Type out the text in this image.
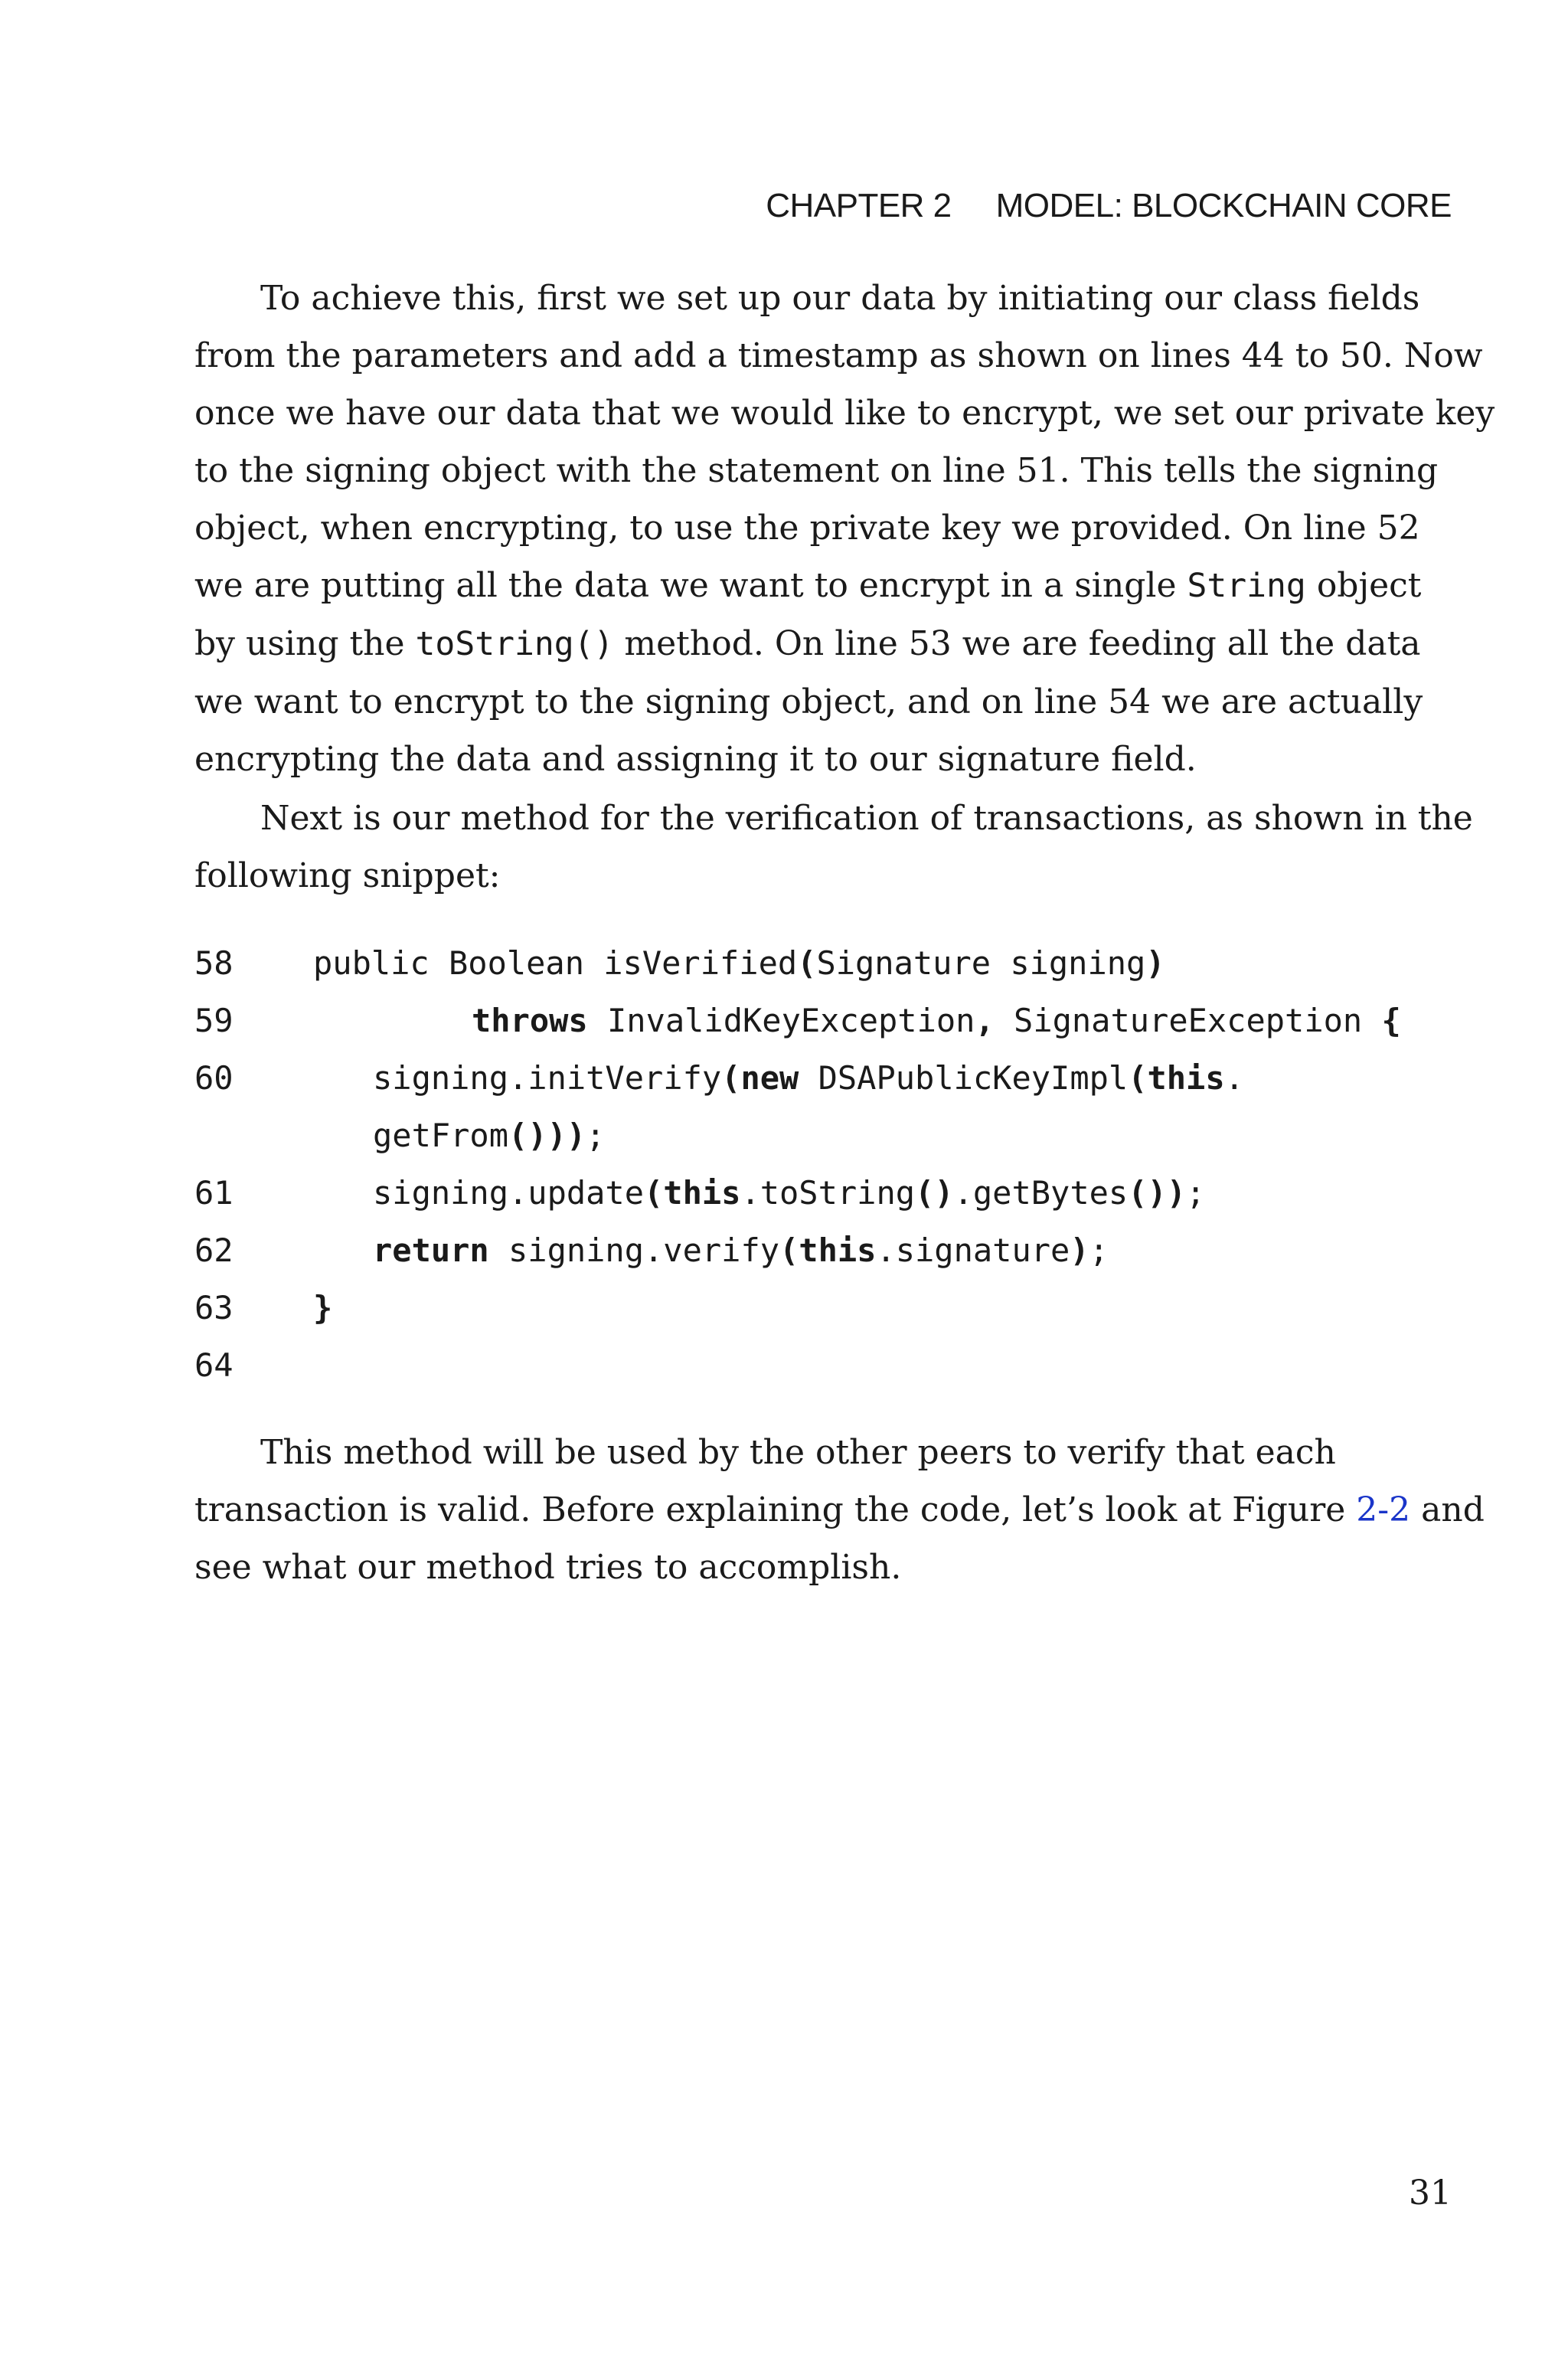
CHAPTER 2 MODEL: BLOCKCHAIN CORE

To achieve this, first we set up our data by initiating our class fields
from the parameters and add a timestamp as shown on lines 44 to 50. Now
once we have our data that we would like to encrypt, we set our private key
to the signing object with the statement on line 51. This tells the signing
object, when encrypting, to use the private key we provided. On line 52
we are putting all the data we want to encrypt in a single String object
by using the toString() method. On line 53 we are feeding all the data
we want to encrypt to the signing object, and on line 54 we are actually
encrypting the data and assigning it to our signature field.

Next is our method for the verification of transactions, as shown in the
following snippet:

58

public Boolean isVerified(Signature signing)

59

	throws InvalidKeyException, SignatureException {

60

	signing.initVerify(new DSAPublicKeyImpl(this.

getFrom()));

61

	signing.update(this.toString().getBytes());

62

	return signing.verify(this.signature);

63

}

64

This method will be used by the other peers to verify that each
transaction is valid. Before explaining the code, let’s look at Figure 2-2 and
see what our method tries to accomplish.

31
